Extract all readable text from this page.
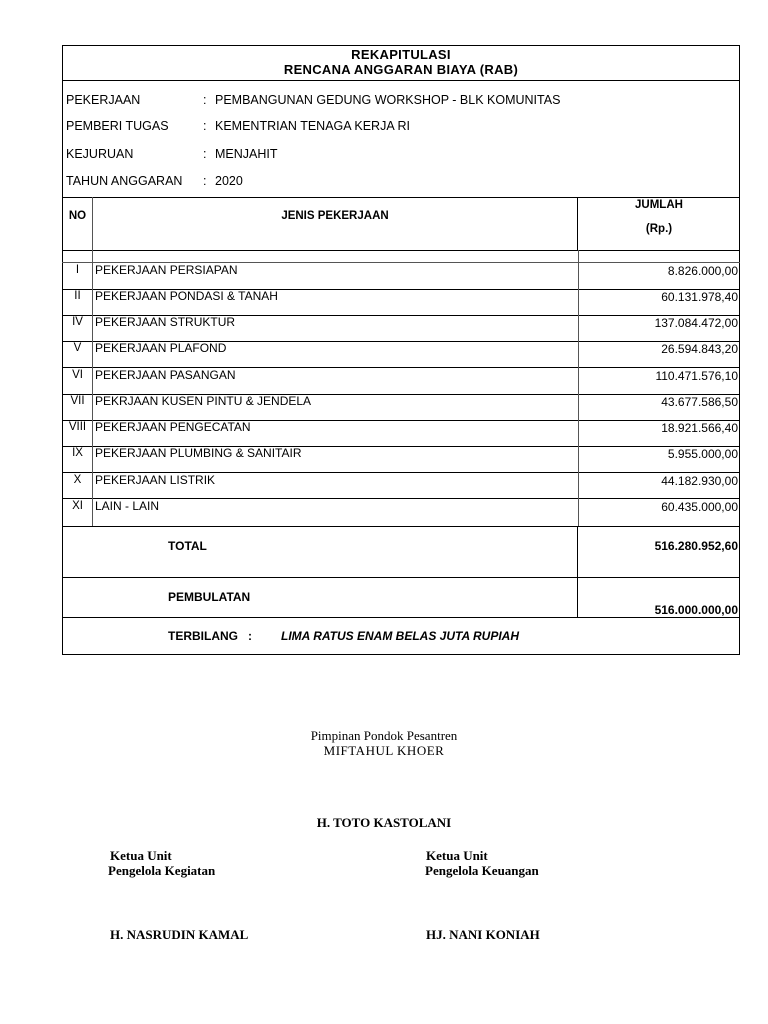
REKAPITULASI
RENCANA ANGGARAN BIAYA (RAB)
PEKERJAAN	: PEMBANGUNAN GEDUNG WORKSHOP - BLK KOMUNITAS
PEMBERI TUGAS	: KEMENTRIAN TENAGA KERJA RI
KEJURUAN	: MENJAHIT
TAHUN ANGGARAN : 2020
NO	JENIS PEKERJAAN
JUMLAH
(Rp.)
I	PEKERJAAN PERSIAPAN	8.826.000,00
II	PEKERJAAN PONDASI & TANAH	60.131.978,40
IV	PEKERJAAN STRUKTUR	137.084.472,00
V	PEKERJAAN PLAFOND	26.594.843,20
VI	PEKERJAAN PASANGAN	110.471.576,10
VII PEKRJAAN KUSEN PINTU & JENDELA	43.677.586,50
VIII PEKERJAAN PENGECATAN	18.921.566,40
IX	PEKERJAAN PLUMBING & SANITAIR	5.955.000,00
X	PEKERJAAN LISTRIK	44.182.930,00
XI	LAIN - LAIN	60.435.000,00
TOTAL	516.280.952,60
PEMBULATAN
516.000.000,00
TERBILANG   : LIMA RATUS ENAM BELAS JUTA RUPIAH
Pimpinan Pondok Pesantren
MIFTAHUL KHOER
H. TOTO KASTOLANI
Ketua Unit
Pengelola Kegiatan
H. NASRUDIN KAMAL
Ketua Unit
Pengelola Keuangan
HJ. NANI KONIAH
